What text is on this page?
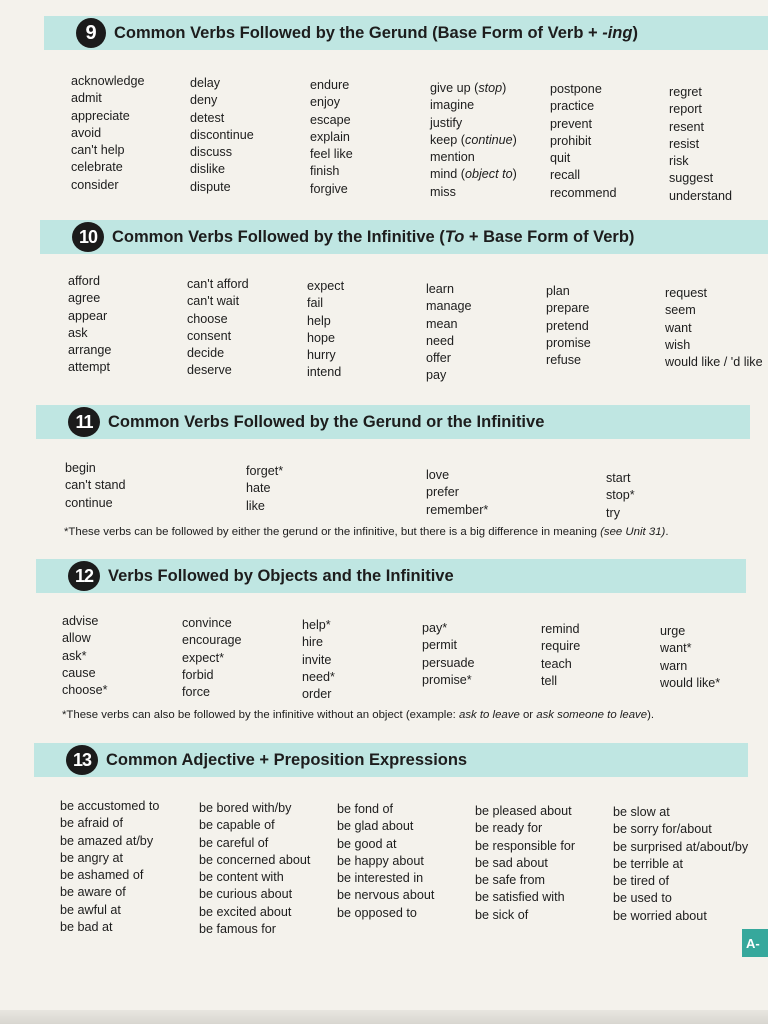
9	Common Verbs Followed by the Gerund (Base Form of Verb + -ing)
acknowledge
admit
appreciate
avoid
can't help
celebrate
consider
delay
deny
detest
discontinue
discuss
dislike
dispute
endure
enjoy
escape
explain
feel like
finish
forgive
give up (stop)
imagine
justify
keep (continue)
mention
mind (object to)
miss
postpone
practice
prevent
prohibit
quit
recall
recommend
regret
report
resent
resist
risk
suggest
understand
10 Common Verbs Followed by the Infinitive (To + Base Form of Verb)
afford
agree
appear
ask
arrange
attempt
can't afford
can't wait
choose
consent
decide
deserve
expect
fail
help
hope
hurry
intend
learn
manage
mean
need
offer
pay
plan
prepare
pretend
promise
refuse
request
seem
want
wish
would like / 'd like
11 Common Verbs Followed by the Gerund or the Infinitive
begin
can't stand
continue
forget*
hate
like
love
prefer
remember*
start
stop*
try
*These verbs can be followed by either the gerund or the infinitive, but there is a big difference in meaning (see Unit 31).
12 Verbs Followed by Objects and the Infinitive
advise
allow
ask*
cause
choose*
convince
encourage
expect*
forbid
force
help*
hire
invite
need*
order
pay*
permit
persuade
promise*
remind
require
teach
tell
urge
want*
warn
would like*
*These verbs can also be followed by the infinitive without an object (example: ask to leave or ask someone to leave).
13 Common Adjective + Preposition Expressions
be accustomed to
be afraid of
be amazed at/by
be angry at
be ashamed of
be aware of
be awful at
be bad at
be bored with/by
be capable of
be careful of
be concerned about
be content with
be curious about
be excited about
be famous for
be fond of
be glad about
be good at
be happy about
be interested in
be nervous about
be opposed to
be pleased about
be ready for
be responsible for
be sad about
be safe from
be satisfied with
be sick of
be slow at
be sorry for/about
be surprised at/about/by
be terrible at
be tired of
be used to
be worried about
A-
